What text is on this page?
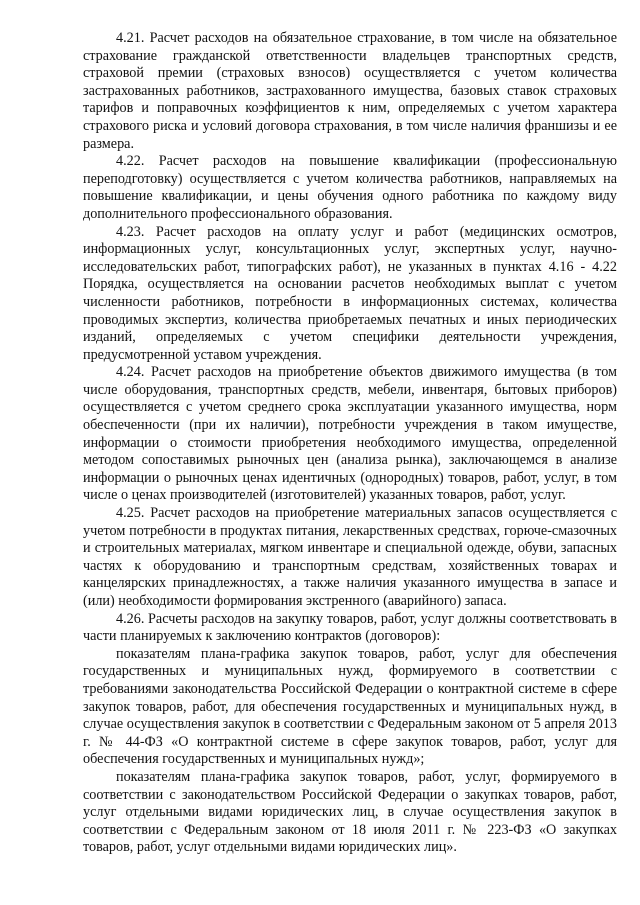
4.21. Расчет расходов на обязательное страхование, в том числе на обязательное страхование гражданской ответственности владельцев транспортных средств, страховой премии (страховых взносов) осуществляется с учетом количества застрахованных работников, застрахованного имущества, базовых ставок страховых тарифов и поправочных коэффициентов к ним, определяемых с учетом характера страхового риска и условий договора страхования, в том числе наличия франшизы и ее размера.

4.22. Расчет расходов на повышение квалификации (профессиональную переподготовку) осуществляется с учетом количества работников, направляемых на повышение квалификации, и цены обучения одного работника по каждому виду дополнительного профессионального образования.

4.23. Расчет расходов на оплату услуг и работ (медицинских осмотров, информационных услуг, консультационных услуг, экспертных услуг, научно-исследовательских работ, типографских работ), не указанных в пунктах 4.16 - 4.22 Порядка, осуществляется на основании расчетов необходимых выплат с учетом численности работников, потребности в информационных системах, количества проводимых экспертиз, количества приобретаемых печатных и иных периодических изданий, определяемых с учетом специфики деятельности учреждения, предусмотренной уставом учреждения.

4.24. Расчет расходов на приобретение объектов движимого имущества (в том числе оборудования, транспортных средств, мебели, инвентаря, бытовых приборов) осуществляется с учетом среднего срока эксплуатации указанного имущества, норм обеспеченности (при их наличии), потребности учреждения в таком имуществе, информации о стоимости приобретения необходимого имущества, определенной методом сопоставимых рыночных цен (анализа рынка), заключающемся в анализе информации о рыночных ценах идентичных (однородных) товаров, работ, услуг, в том числе о ценах производителей (изготовителей) указанных товаров, работ, услуг.

4.25. Расчет расходов на приобретение материальных запасов осуществляется с учетом потребности в продуктах питания, лекарственных средствах, горюче-смазочных и строительных материалах, мягком инвентаре и специальной одежде, обуви, запасных частях к оборудованию и транспортным средствам, хозяйственных товарах и канцелярских принадлежностях, а также наличия указанного имущества в запасе и (или) необходимости формирования экстренного (аварийного) запаса.

4.26. Расчеты расходов на закупку товаров, работ, услуг должны соответствовать в части планируемых к заключению контрактов (договоров):

показателям плана-графика закупок товаров, работ, услуг для обеспечения государственных и муниципальных нужд, формируемого в соответствии с требованиями законодательства Российской Федерации о контрактной системе в сфере закупок товаров, работ, для обеспечения государственных и муниципальных нужд, в случае осуществления закупок в соответствии с Федеральным законом от 5 апреля 2013 г. № 44-ФЗ «О контрактной системе в сфере закупок товаров, работ, услуг для обеспечения государственных и муниципальных нужд»;

показателям плана-графика закупок товаров, работ, услуг, формируемого в соответствии с законодательством Российской Федерации о закупках товаров, работ, услуг отдельными видами юридических лиц, в случае осуществления закупок в соответствии с Федеральным законом от 18 июля 2011 г. № 223-ФЗ «О закупках товаров, работ, услуг отдельными видами юридических лиц».
